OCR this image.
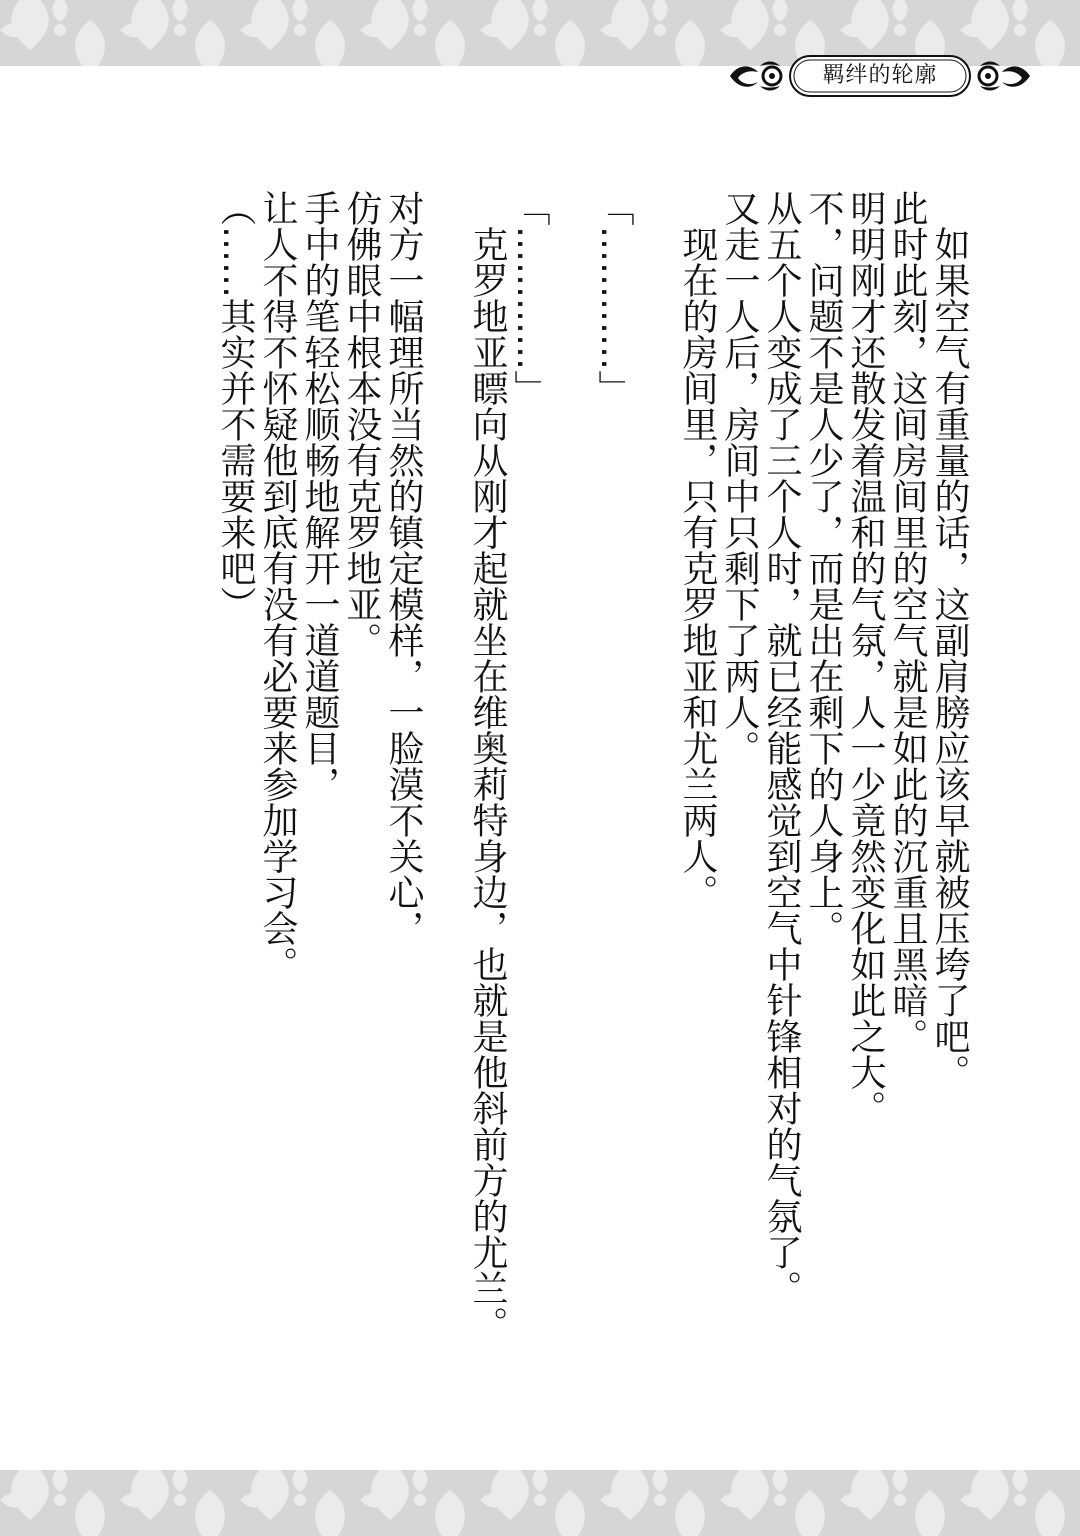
羁绊的轮廓
如果空气有重量的话，这副肩膀应该早就被压垮了吧。
此时此刻，这间房间里的空气就是如此的沉重且黑暗。
明明刚才还散发着温和的气氛，人一少竟然变化如此之大。
不，问题不是人少了，而是出在剩下的人身上。
从五个人变成了三个人时，就已经能感觉到空气中针锋相对的气氛了。
又走一人后，房间中只剩下了两人。
现在的房间里，只有克罗地亚和尤兰两人。
「…………」
「…………」
克罗地亚瞟向从刚才起就坐在维奥莉特身边，也就是他斜前方的尤兰。
对方一幅理所当然的镇定模样，一脸漠不关心，
仿佛眼中根本没有克罗地亚。
手中的笔轻松顺畅地解开一道道题目，
让人不得不怀疑他到底有没有必要来参加学习会。
（……其实并不需要来吧）
